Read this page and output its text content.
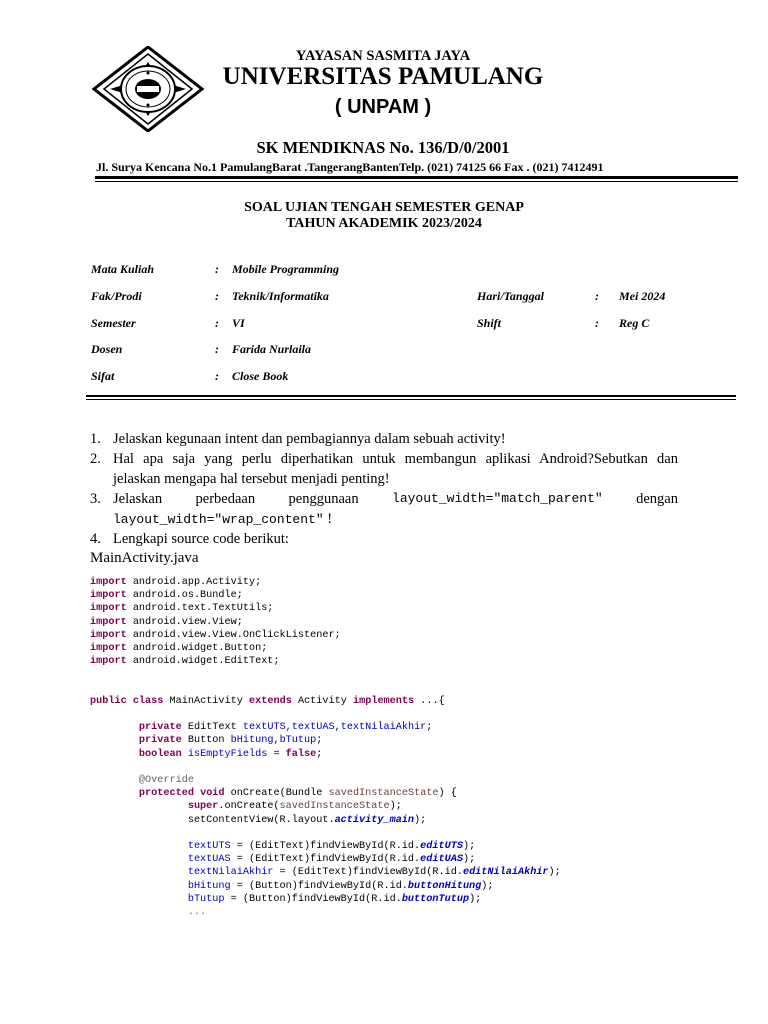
YAYASAN SASMITA JAYA
UNIVERSITAS PAMULANG
( UNPAM )
SK MENDIKNAS No. 136/D/0/2001
Jl. Surya Kencana No.1 PamulangBarat .TangerangBantenTelp. (021) 74125 66 Fax . (021) 7412491
SOAL UJIAN TENGAH SEMESTER GENAP
TAHUN AKADEMIK 2023/2024
Mata Kuliah	: Mobile Programming
Fak/Prodi	: Teknik/Informatika	Hari/Tanggal	: Mei 2024
Semester	: VI	Shift	: Reg C
Dosen	: Farida Nurlaila
Sifat	: Close Book
1. Jelaskan kegunaan intent dan pembagiannya dalam sebuah activity!
2. Hal apa saja yang perlu diperhatikan untuk membangun aplikasi Android?Sebutkan dan
jelaskan mengapa hal tersebut menjadi penting!
3. Jelaskan perbedaan penggunaan	layout_width="match_parent" dengan
layout_width="wrap_content" !
4. Lengkapi source code berikut:
MainActivity.java
import android.app.Activity;
import android.os.Bundle;
import android.text.TextUtils;
import android.view.View;
import android.view.View.OnClickListener;
import android.widget.Button;
import android.widget.EditText;

public class MainActivity extends Activity implements ...{

private EditText textUTS,textUAS,textNilaiAkhir;
private Button bHitung,bTutup;
boolean isEmptyFields = false;

@Override
protected void onCreate(Bundle savedInstanceState) {
super.onCreate(savedInstanceState);
setContentView(R.layout.activity_main);

textUTS = (EditText)findViewById(R.id.editUTS);
textUAS = (EditText)findViewById(R.id.editUAS);
textNilaiAkhir = (EditText)findViewById(R.id.editNilaiAkhir);
bHitung = (Button)findViewById(R.id.buttonHitung);
bTutup = (Button)findViewById(R.id.buttonTutup);
...
